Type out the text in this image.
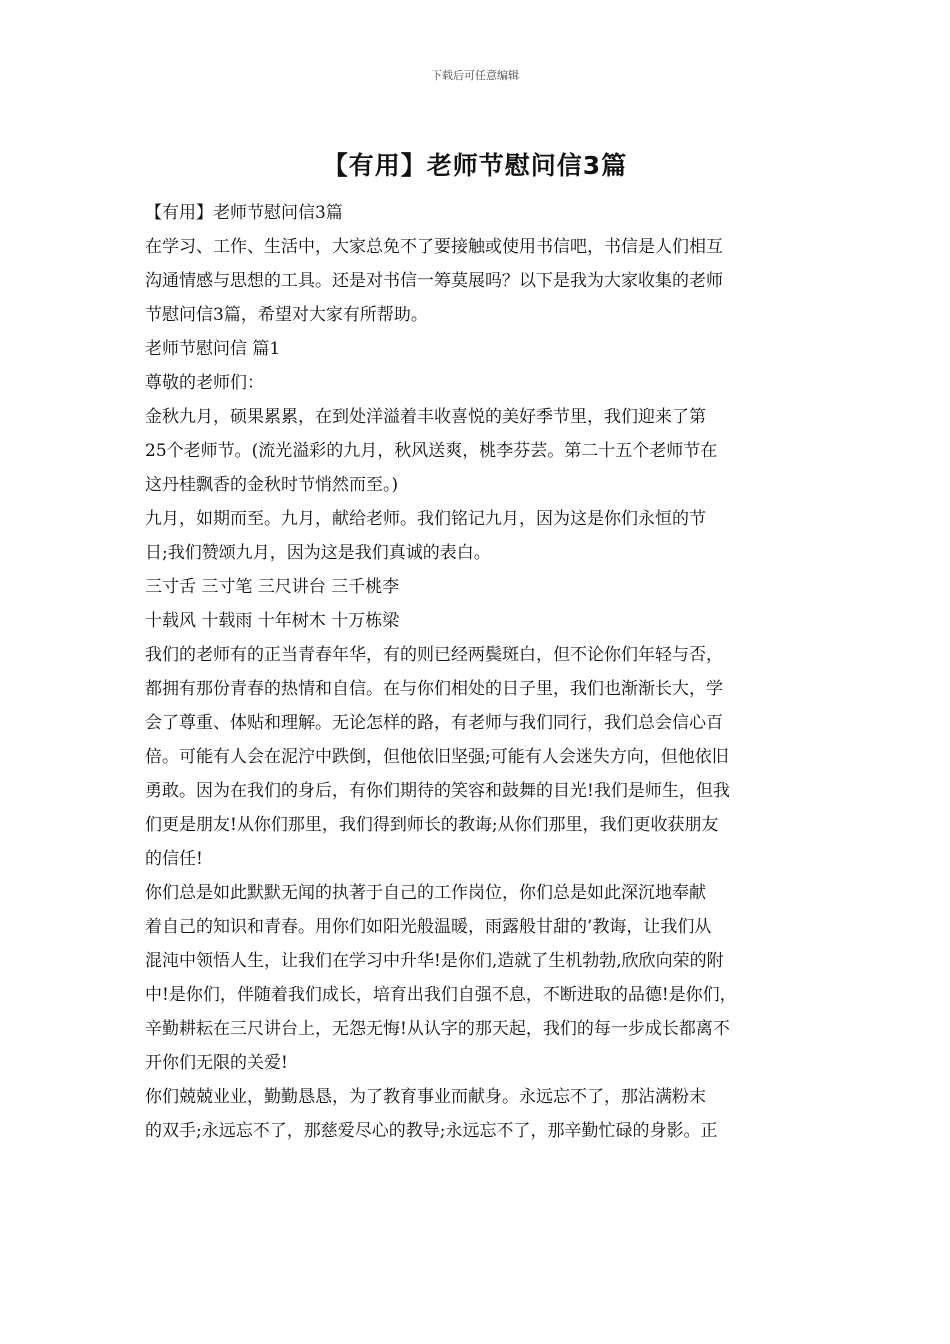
下载后可任意编辑
【有用】老师节慰问信3篇
【有用】老师节慰问信3篇
在学习、工作、生活中，大家总免不了要接触或使用书信吧，书信是人们相互
沟通情感与思想的工具。还是对书信一筹莫展吗？以下是我为大家收集的老师
节慰问信3篇，希望对大家有所帮助。
老师节慰问信 篇1
尊敬的老师们：
金秋九月，硕果累累，在到处洋溢着丰收喜悦的美好季节里，我们迎来了第
25个老师节。(流光溢彩的九月，秋风送爽，桃李芬芸。第二十五个老师节在
这丹桂飘香的金秋时节悄然而至。)
九月，如期而至。九月，献给老师。我们铭记九月，因为这是你们永恒的节
日;我们赞颂九月，因为这是我们真诚的表白。
三寸舌 三寸笔 三尺讲台 三千桃李
十载风 十载雨 十年树木 十万栋梁
我们的老师有的正当青春年华，有的则已经两鬓斑白，但不论你们年轻与否，
都拥有那份青春的热情和自信。在与你们相处的日子里，我们也渐渐长大，学
会了尊重、体贴和理解。无论怎样的路，有老师与我们同行，我们总会信心百
倍。可能有人会在泥泞中跌倒，但他依旧坚强;可能有人会迷失方向，但他依旧
勇敢。因为在我们的身后，有你们期待的笑容和鼓舞的目光!我们是师生，但我
们更是朋友!从你们那里，我们得到师长的教诲;从你们那里，我们更收获朋友
的信任!
你们总是如此默默无闻的执著于自己的工作岗位，你们总是如此深沉地奉献
着自己的知识和青春。用你们如阳光般温暖，雨露般甘甜的’教诲，让我们从
混沌中领悟人生，让我们在学习中升华!是你们,造就了生机勃勃,欣欣向荣的附
中!是你们，伴随着我们成长，培育出我们自强不息，不断进取的品德!是你们，
辛勤耕耘在三尺讲台上，无怨无悔!从认字的那天起，我们的每一步成长都离不
开你们无限的关爱!
你们兢兢业业，勤勤恳恳，为了教育事业而献身。永远忘不了，那沾满粉末
的双手;永远忘不了，那慈爱尽心的教导;永远忘不了，那辛勤忙碌的身影。正
